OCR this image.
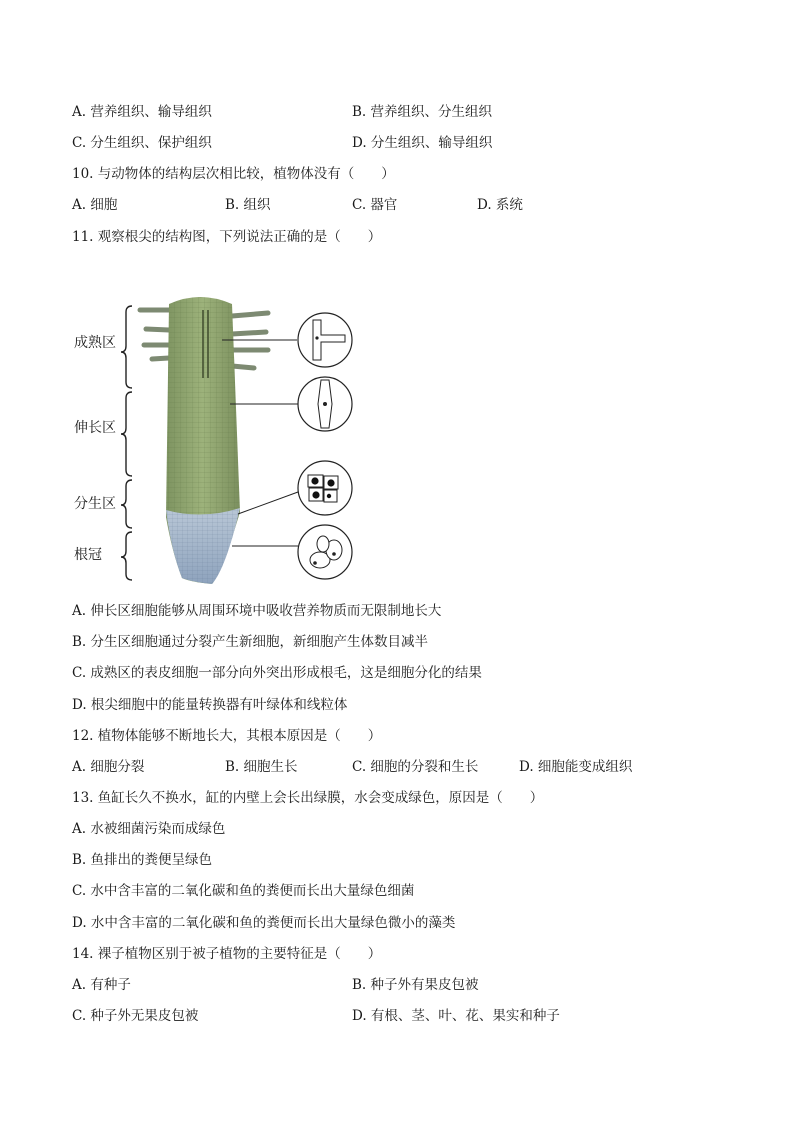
A. 营养组织、输导组织	B. 营养组织、分生组织
C. 分生组织、保护组织	D. 分生组织、输导组织
10. 与动物体的结构层次相比较，植物体没有（　　）
A. 细胞	B. 组织	C. 器官	D. 系统
11. 观察根尖的结构图，下列说法正确的是（　　）
成熟区
伸长区
分生区
根冠
A. 伸长区细胞能够从周围环境中吸收营养物质而无限制地长大
B. 分生区细胞通过分裂产生新细胞，新细胞产生体数目减半
C. 成熟区的表皮细胞一部分向外突出形成根毛，这是细胞分化的结果
D. 根尖细胞中的能量转换器有叶绿体和线粒体
12. 植物体能够不断地长大，其根本原因是（　　）
A. 细胞分裂	B. 细胞生长	C. 细胞的分裂和生长	D. 细胞能变成组织
13. 鱼缸长久不换水，缸的内壁上会长出绿膜，水会变成绿色，原因是（　　）
A. 水被细菌污染而成绿色
B. 鱼排出的粪便呈绿色
C. 水中含丰富的二氧化碳和鱼的粪便而长出大量绿色细菌
D. 水中含丰富的二氧化碳和鱼的粪便而长出大量绿色微小的藻类
14. 裸子植物区别于被子植物的主要特征是（　　）
A. 有种子	B. 种子外有果皮包被
C. 种子外无果皮包被	D. 有根、茎、叶、花、果实和种子
